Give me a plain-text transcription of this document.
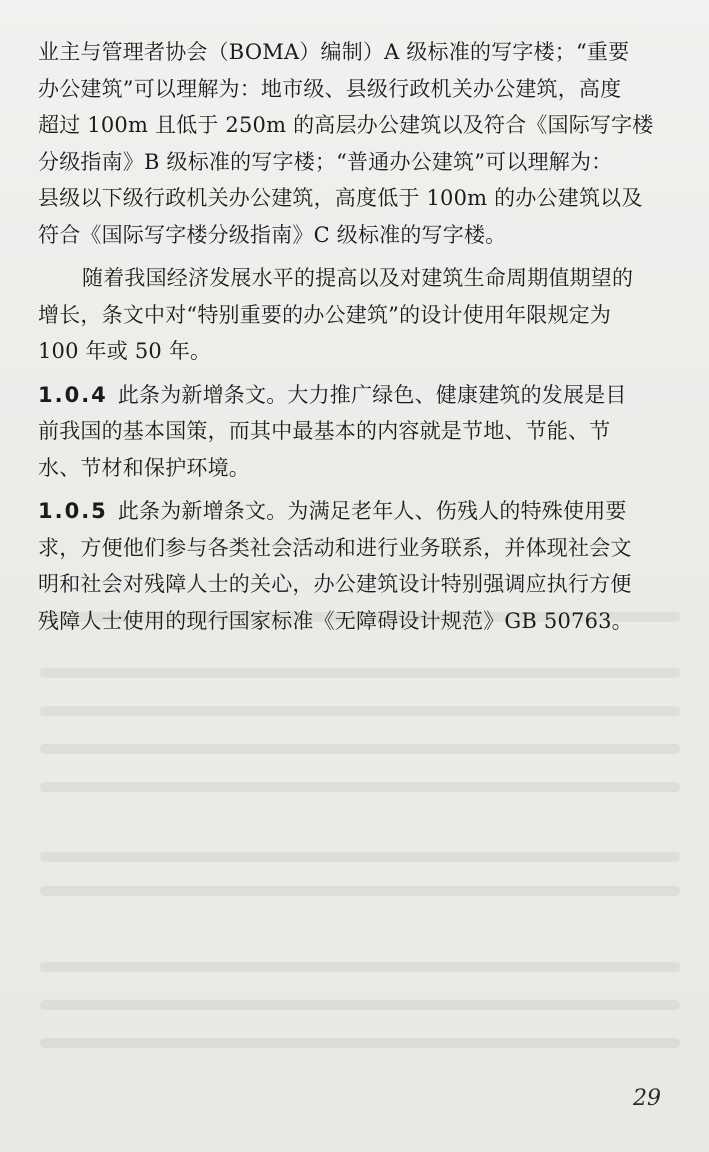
业主与管理者协会（BOMA）编制）A 级标准的写字楼；“重要
办公建筑”可以理解为：地市级、县级行政机关办公建筑，高度
超过 100m 且低于 250m 的高层办公建筑以及符合《国际写字楼
分级指南》B 级标准的写字楼；“普通办公建筑”可以理解为：
县级以下级行政机关办公建筑，高度低于 100m 的办公建筑以及
符合《国际写字楼分级指南》C 级标准的写字楼。
随着我国经济发展水平的提高以及对建筑生命周期值期望的
增长，条文中对“特别重要的办公建筑”的设计使用年限规定为
100 年或 50 年。
1.0.4 此条为新增条文。大力推广绿色、健康建筑的发展是目
前我国的基本国策，而其中最基本的内容就是节地、节能、节
水、节材和保护环境。
1.0.5 此条为新增条文。为满足老年人、伤残人的特殊使用要
求，方便他们参与各类社会活动和进行业务联系，并体现社会文
明和社会对残障人士的关心，办公建筑设计特别强调应执行方便
残障人士使用的现行国家标准《无障碍设计规范》GB 50763。
29
